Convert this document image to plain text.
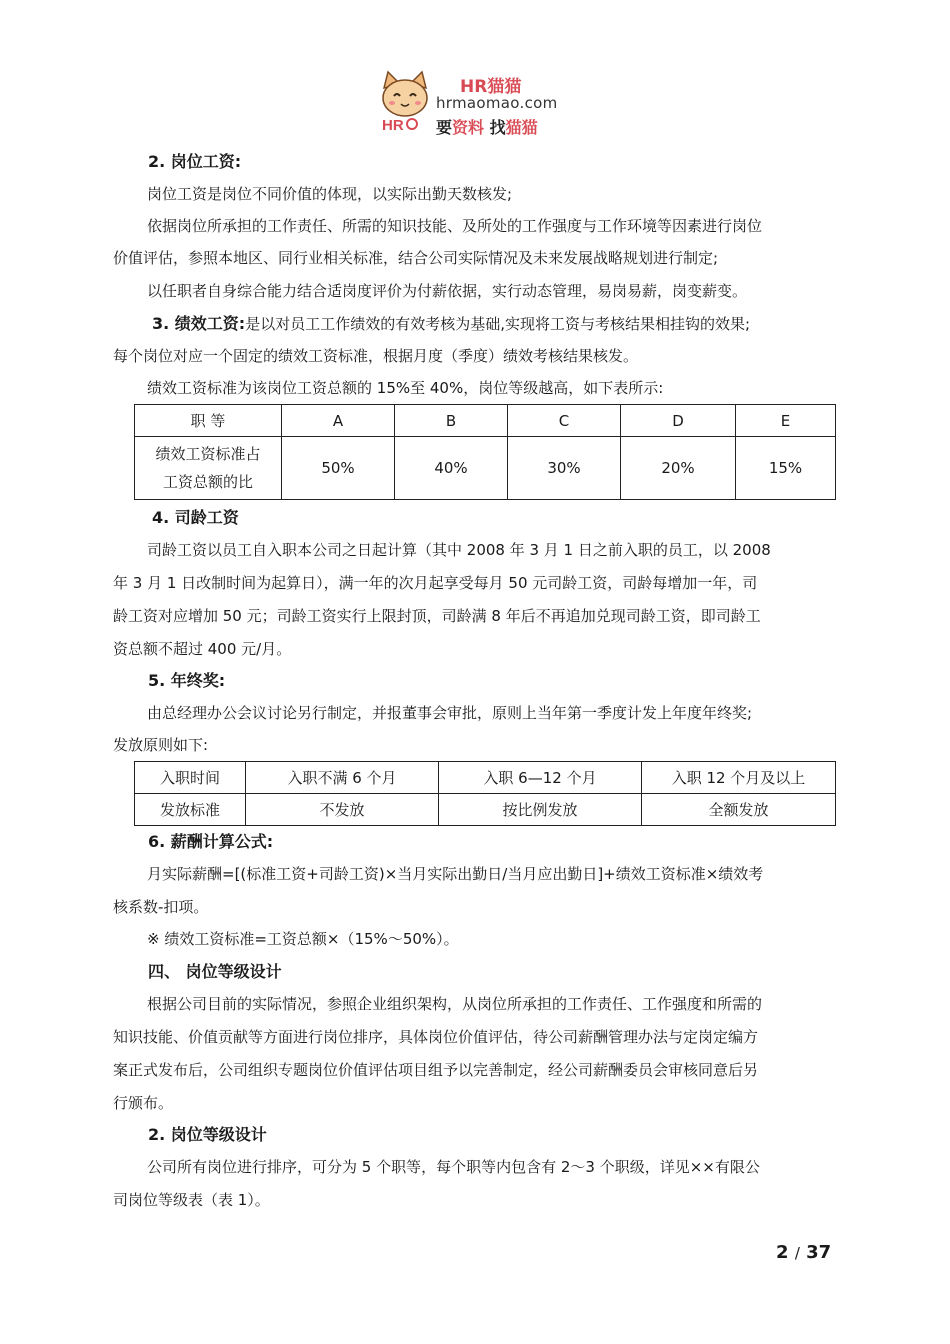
HR
HR猫猫
hrmaomao.com
要资料 找猫猫
2. 岗位工资:
岗位工资是岗位不同价值的体现，以实际出勤天数核发;
依据岗位所承担的工作责任、所需的知识技能、及所处的工作强度与工作环境等因素进行岗位
价值评估，参照本地区、同行业相关标准，结合公司实际情况及未来发展战略规划进行制定;
以任职者自身综合能力结合适岗度评价为付薪依据，实行动态管理，易岗易薪，岗变薪变。
3. 绩效工资:是以对员工工作绩效的有效考核为基础,实现将工资与考核结果相挂钩的效果;
每个岗位对应一个固定的绩效工资标准，根据月度（季度）绩效考核结果核发。
绩效工资标准为该岗位工资总额的 15%至 40%，岗位等级越高，如下表所示:
职 等	A	B	C	D	E

绩效工资标准占
工资总额的比	50%	40%	30%	20%	15%
4. 司龄工资
司龄工资以员工自入职本公司之日起计算（其中 2008 年 3 月 1 日之前入职的员工，以 2008
年 3 月 1 日改制时间为起算日），满一年的次月起享受每月 50 元司龄工资，司龄每增加一年，司
龄工资对应增加 50 元；司龄工资实行上限封顶，司龄满 8 年后不再追加兑现司龄工资，即司龄工
资总额不超过 400 元/月。
5. 年终奖:
由总经理办公会议讨论另行制定，并报董事会审批，原则上当年第一季度计发上年度年终奖;
发放原则如下:
入职时间	入职不满 6 个月	入职 6—12 个月	入职 12 个月及以上
发放标准	不发放	按比例发放	全额发放
6. 薪酬计算公式:
月实际薪酬=[(标准工资+司龄工资)×当月实际出勤日/当月应出勤日]+绩效工资标准×绩效考
核系数-扣项。
※ 绩效工资标准=工资总额×（15%～50%）。
四、 岗位等级设计
根据公司目前的实际情况，参照企业组织架构，从岗位所承担的工作责任、工作强度和所需的
知识技能、价值贡献等方面进行岗位排序，具体岗位价值评估，待公司薪酬管理办法与定岗定编方
案正式发布后，公司组织专题岗位价值评估项目组予以完善制定，经公司薪酬委员会审核同意后另
行颁布。
2. 岗位等级设计
公司所有岗位进行排序，可分为 5 个职等，每个职等内包含有 2～3 个职级，详见××有限公
司岗位等级表（表 1）。
2 / 37
